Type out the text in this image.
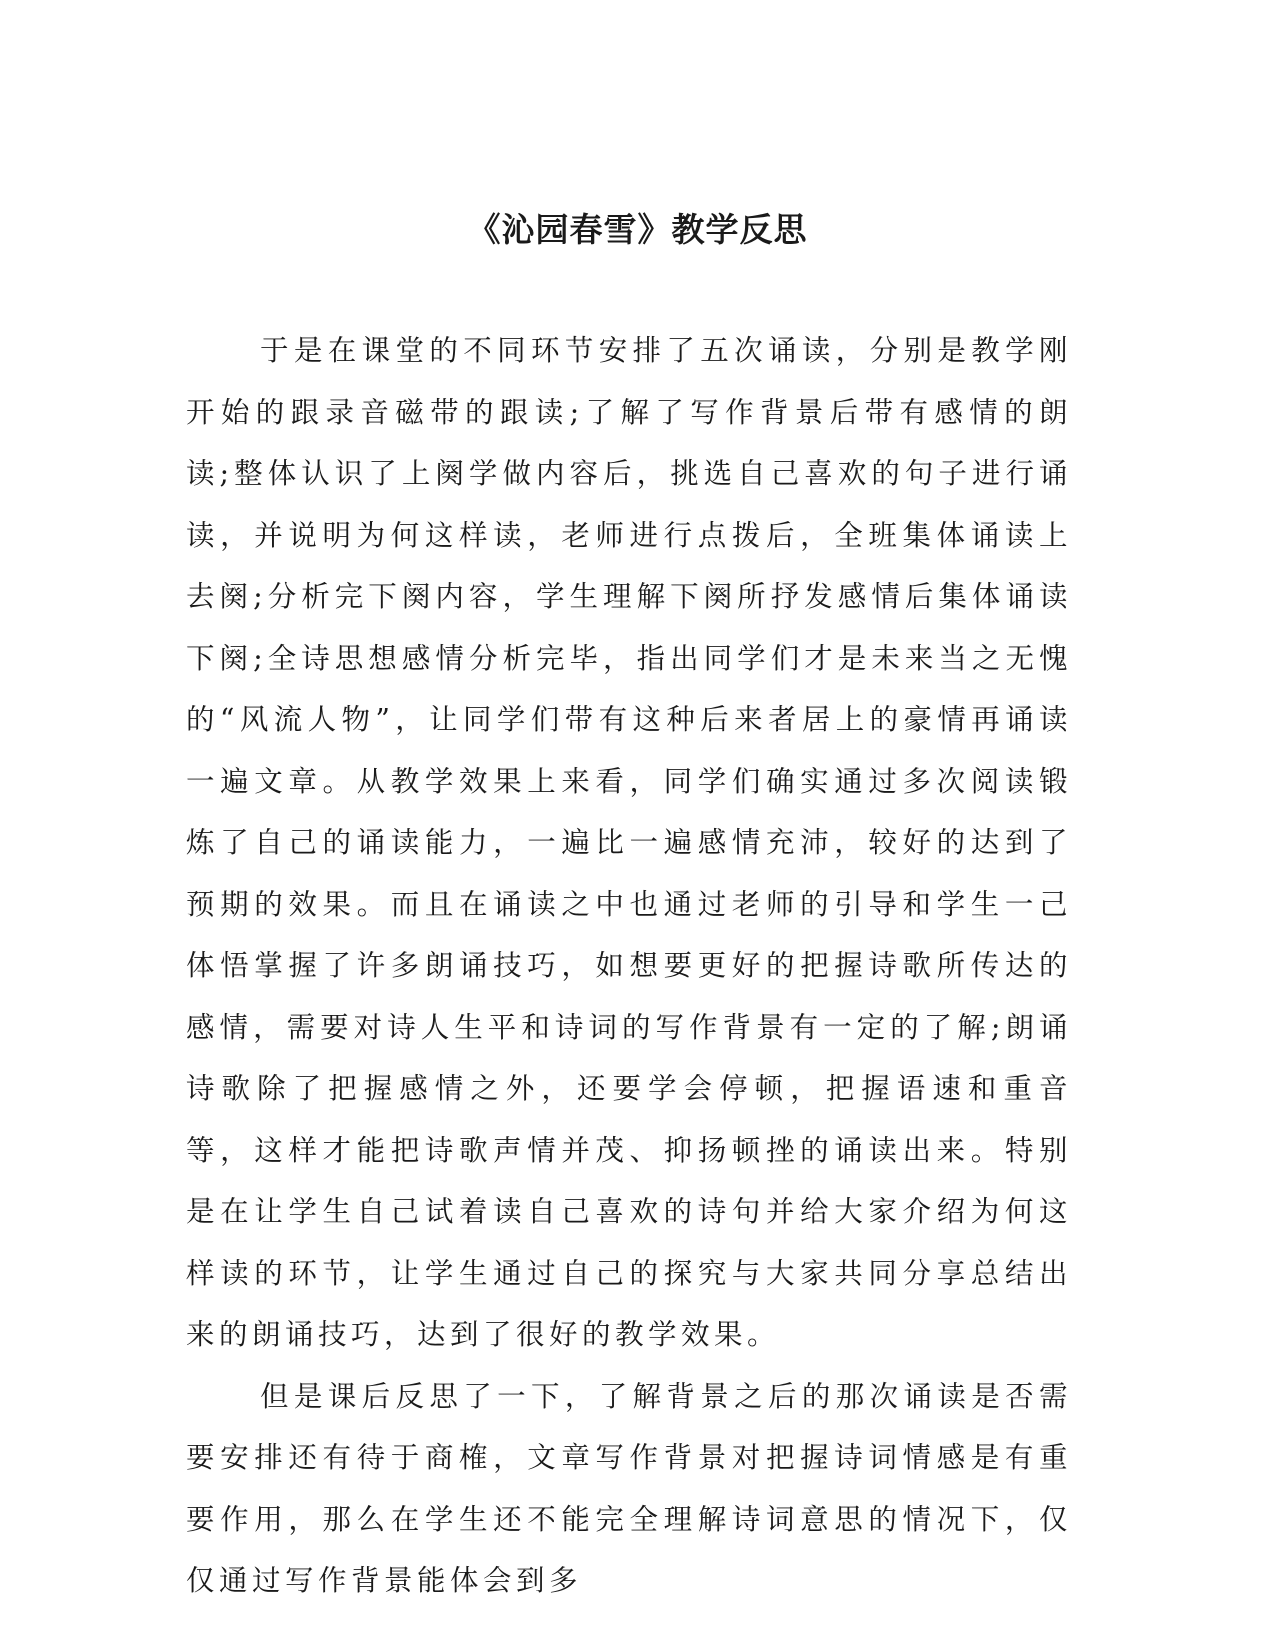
《沁园春雪》教学反思

于是在课堂的不同环节安排了五次诵读，分别是教学刚开始的跟录音磁带的跟读;了解了写作背景后带有感情的朗读;整体认识了上阕学做内容后，挑选自己喜欢的句子进行诵读，并说明为何这样读，老师进行点拨后，全班集体诵读上去阕;分析完下阕内容，学生理解下阕所抒发感情后集体诵读下阕;全诗思想感情分析完毕，指出同学们才是未来当之无愧的“风流人物”，让同学们带有这种后来者居上的豪情再诵读一遍文章。从教学效果上来看，同学们确实通过多次阅读锻炼了自己的诵读能力，一遍比一遍感情充沛，较好的达到了预期的效果。而且在诵读之中也通过老师的引导和学生一己体悟掌握了许多朗诵技巧，如想要更好的把握诗歌所传达的感情，需要对诗人生平和诗词的写作背景有一定的了解;朗诵诗歌除了把握感情之外，还要学会停顿，把握语速和重音等，这样才能把诗歌声情并茂、抑扬顿挫的诵读出来。特别是在让学生自己试着读自己喜欢的诗句并给大家介绍为何这样读的环节，让学生通过自己的探究与大家共同分享总结出来的朗诵技巧，达到了很好的教学效果。

但是课后反思了一下，了解背景之后的那次诵读是否需要安排还有待于商榷，文章写作背景对把握诗词情感是有重要作用，那么在学生还不能完全理解诗词意思的情况下，仅仅通过写作背景能体会到多
